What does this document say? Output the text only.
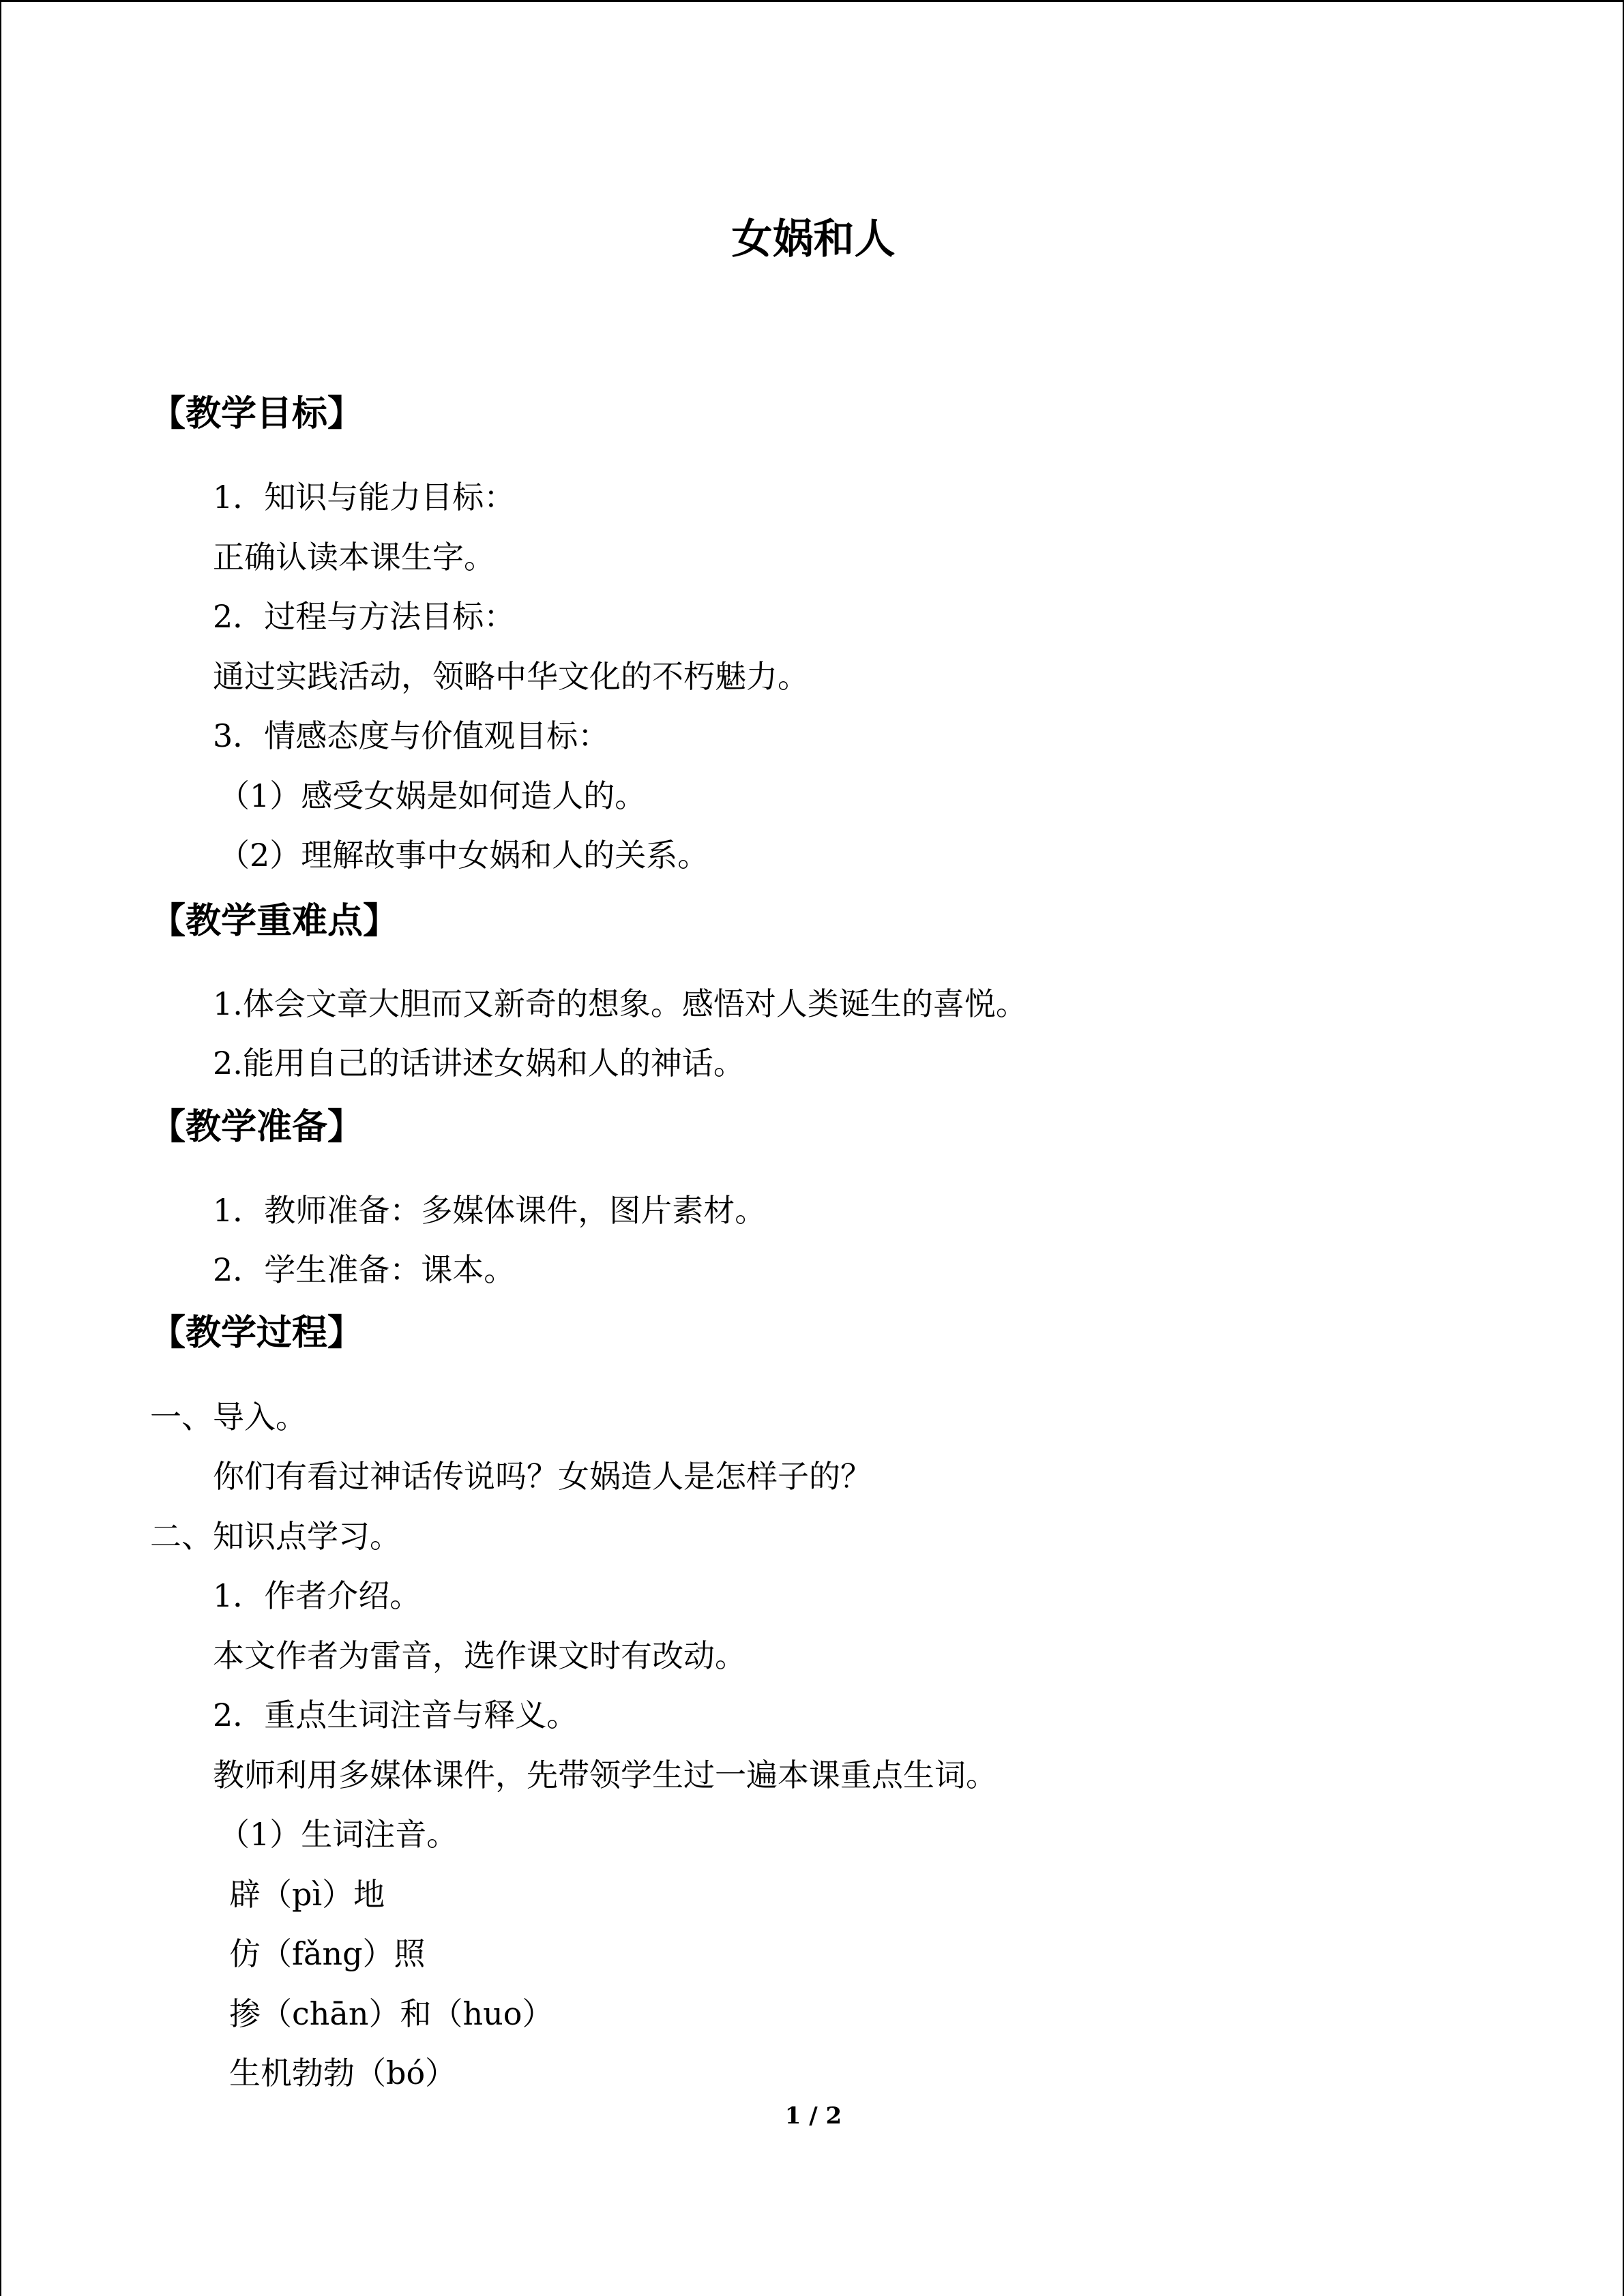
女娲和人
【教学目标】
1．知识与能力目标：
正确认读本课生字。
2．过程与方法目标：
通过实践活动，领略中华文化的不朽魅力。
3．情感态度与价值观目标：
（1）感受女娲是如何造人的。
（2）理解故事中女娲和人的关系。
【教学重难点】
1.体会文章大胆而又新奇的想象。感悟对人类诞生的喜悦。
2.能用自己的话讲述女娲和人的神话。
【教学准备】
1．教师准备：多媒体课件，图片素材。
2．学生准备：课本。
【教学过程】
一、导入。
你们有看过神话传说吗？女娲造人是怎样子的？
二、知识点学习。
1．作者介绍。
本文作者为雷音，选作课文时有改动。
2．重点生词注音与释义。
教师利用多媒体课件，先带领学生过一遍本课重点生词。
（1）生词注音。
辟（pì）地
仿（fǎng）照
掺（chān）和（huo）
生机勃勃（bó）
1 / 2
